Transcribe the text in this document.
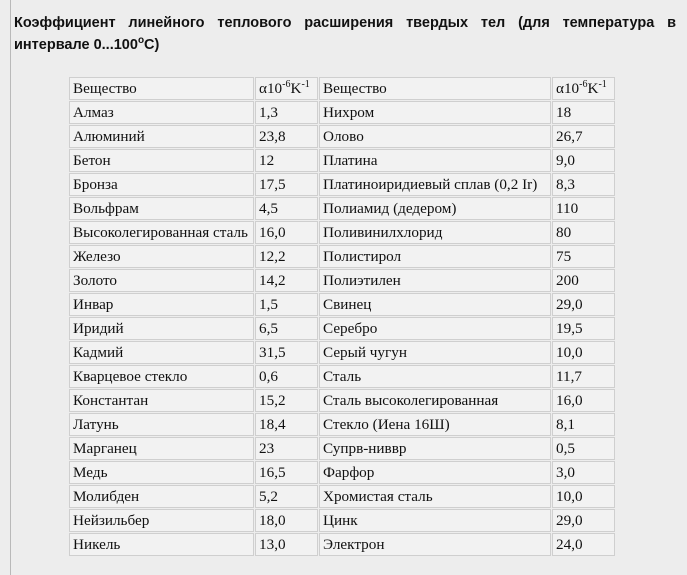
Коэффициент линейного теплового расширения твердых тел (для температура в интервале 0...100$^o$C)
Вещество	$\alpha 10^{-6}K^{-1}$	Вещество	$\alpha 10^{-6}K^{-1}$
Алмаз	1,3	Нихром	18
Алюминий	23,8	Олово	26,7
Бетон	12	Платина	9,0
Бронза	17,5	Платиноиридиевый сплав (0,2 Ir)	8,3
Вольфрам	4,5	Полиамид (дедером)	110
Высоколегированная сталь	16,0	Поливинилхлорид	80
Железо	12,2	Полистирол	75
Золото	14,2	Полиэтилен	200
Инвар	1,5	Свинец	29,0
Иридий	6,5	Серебро	19,5
Кадмий	31,5	Серый чугун	10,0
Кварцевое стекло	0,6	Сталь	11,7
Константан	15,2	Сталь высоколегированная	16,0
Латунь	18,4	Стекло (Иена 16Ш)	8,1
Марганец	23	Супрв-ниввр	0,5
Медь	16,5	Фарфор	3,0
Молибден	5,2	Хромистая сталь	10,0
Нейзильбер	18,0	Цинк	29,0
Никель	13,0	Электрон	24,0
